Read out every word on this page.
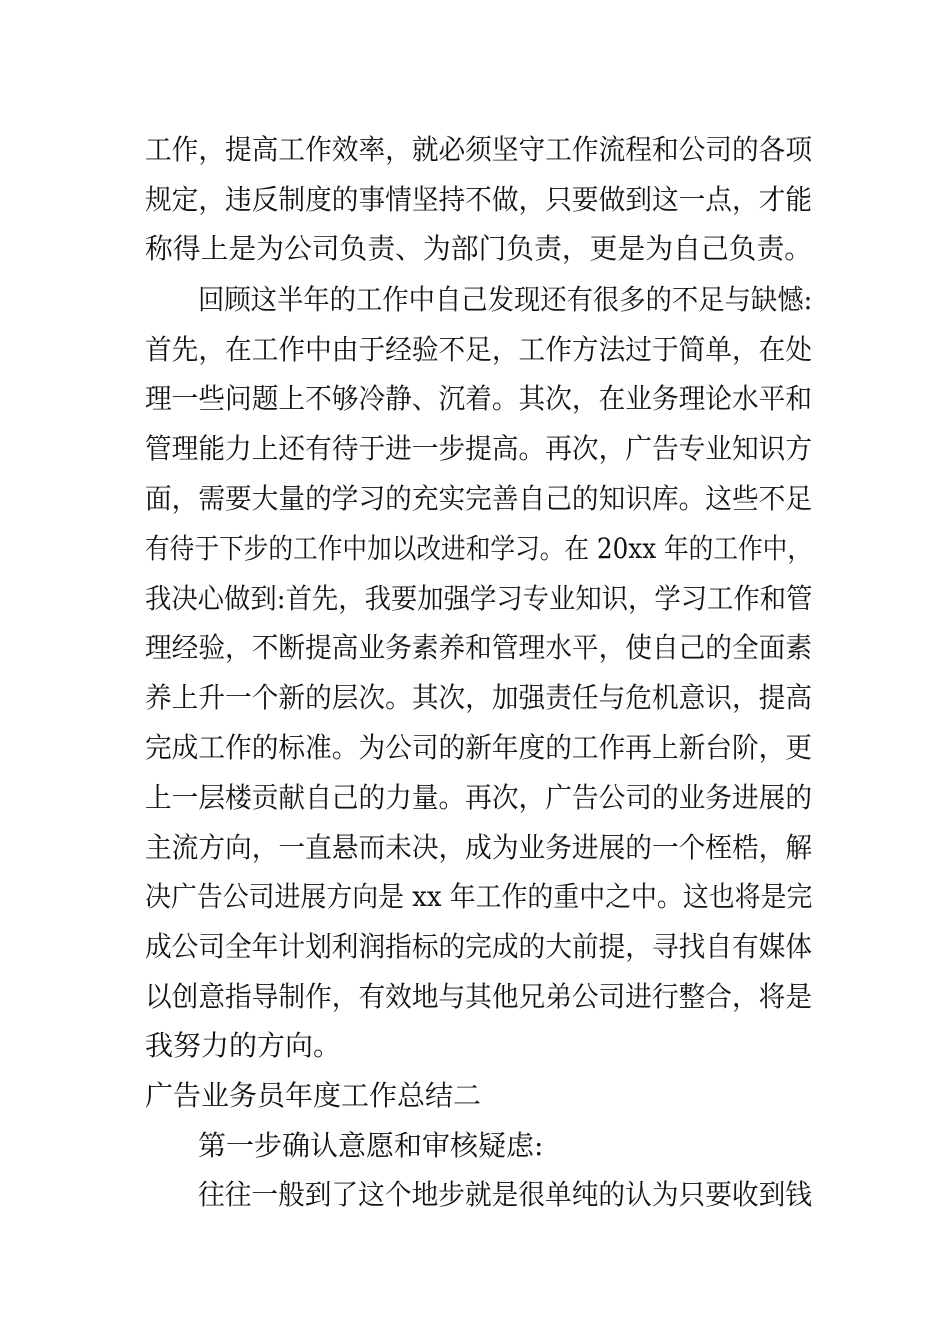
工作，提高工作效率，就必须坚守工作流程和公司的各项

规定，违反制度的事情坚持不做，只要做到这一点，才能

称得上是为公司负责、为部门负责，更是为自己负责。

回顾这半年的工作中自己发现还有很多的不足与缺憾:

首先，在工作中由于经验不足，工作方法过于简单，在处

理一些问题上不够冷静、沉着。其次，在业务理论水平和

管理能力上还有待于进一步提高。再次，广告专业知识方

面，需要大量的学习的充实完善自己的知识库。这些不足

有待于下步的工作中加以改进和学习。在 20xx 年的工作中，

我决心做到:首先，我要加强学习专业知识，学习工作和管

理经验，不断提高业务素养和管理水平，使自己的全面素

养上升一个新的层次。其次，加强责任与危机意识，提高

完成工作的标准。为公司的新年度的工作再上新台阶，更

上一层楼贡献自己的力量。再次，广告公司的业务进展的

主流方向，一直悬而未决，成为业务进展的一个桎梏，解

决广告公司进展方向是 xx 年工作的重中之中。这也将是完

成公司全年计划利润指标的完成的大前提，寻找自有媒体

以创意指导制作，有效地与其他兄弟公司进行整合，将是

我努力的方向。

广告业务员年度工作总结二

第一步确认意愿和审核疑虑:

往往一般到了这个地步就是很单纯的认为只要收到钱
